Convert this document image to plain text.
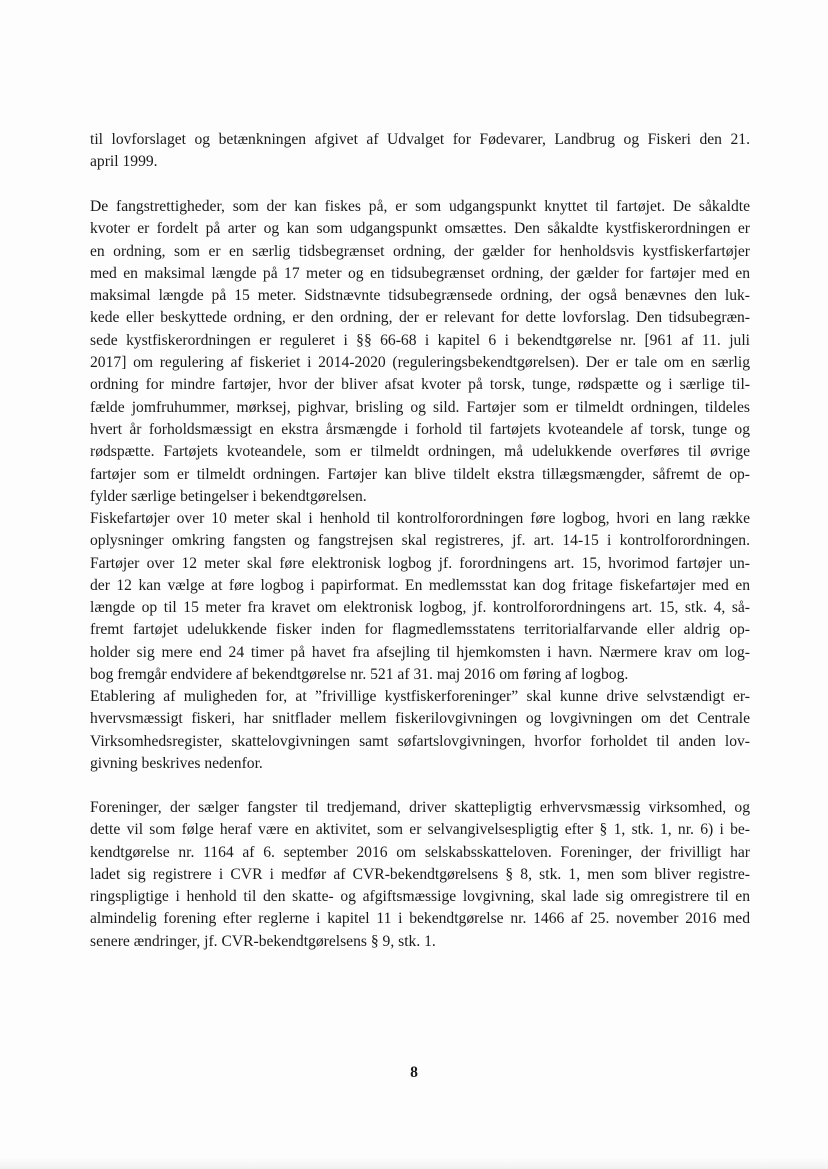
til lovforslaget og betænkningen afgivet af Udvalget for Fødevarer, Landbrug og Fiskeri den 21.
april 1999.
De fangstrettigheder, som der kan fiskes på, er som udgangspunkt knyttet til fartøjet. De såkaldte
kvoter er fordelt på arter og kan som udgangspunkt omsættes. Den såkaldte kystfiskerordningen er
en ordning, som er en særlig tidsbegrænset ordning, der gælder for henholdsvis kystfiskerfartøjer
med en maksimal længde på 17 meter og en tidsubegrænset ordning, der gælder for fartøjer med en
maksimal længde på 15 meter. Sidstnævnte tidsubegrænsede ordning, der også benævnes den luk-
kede eller beskyttede ordning, er den ordning, der er relevant for dette lovforslag. Den tidsubegræn-
sede kystfiskerordningen er reguleret i §§ 66-68 i kapitel 6 i bekendtgørelse nr. [961 af 11. juli
2017] om regulering af fiskeriet i 2014-2020 (reguleringsbekendtgørelsen). Der er tale om en særlig
ordning for mindre fartøjer, hvor der bliver afsat kvoter på torsk, tunge, rødspætte og i særlige til-
fælde jomfruhummer, mørksej, pighvar, brisling og sild. Fartøjer som er tilmeldt ordningen, tildeles
hvert år forholdsmæssigt en ekstra årsmængde i forhold til fartøjets kvoteandele af torsk, tunge og
rødspætte. Fartøjets kvoteandele, som er tilmeldt ordningen, må udelukkende overføres til øvrige
fartøjer som er tilmeldt ordningen. Fartøjer kan blive tildelt ekstra tillægsmængder, såfremt de op-
fylder særlige betingelser i bekendtgørelsen.
Fiskefartøjer over 10 meter skal i henhold til kontrolforordningen føre logbog, hvori en lang række
oplysninger omkring fangsten og fangstrejsen skal registreres, jf. art. 14-15 i kontrolforordningen.
Fartøjer over 12 meter skal føre elektronisk logbog jf. forordningens art. 15, hvorimod fartøjer un-
der 12 kan vælge at føre logbog i papirformat. En medlemsstat kan dog fritage fiskefartøjer med en
længde op til 15 meter fra kravet om elektronisk logbog, jf. kontrolforordningens art. 15, stk. 4, så-
fremt fartøjet udelukkende fisker inden for flagmedlemsstatens territorialfarvande eller aldrig op-
holder sig mere end 24 timer på havet fra afsejling til hjemkomsten i havn. Nærmere krav om log-
bog fremgår endvidere af bekendtgørelse nr. 521 af 31. maj 2016 om føring af logbog.
Etablering af muligheden for, at ”frivillige kystfiskerforeninger” skal kunne drive selvstændigt er-
hvervsmæssigt fiskeri, har snitflader mellem fiskerilovgivningen og lovgivningen om det Centrale
Virksomhedsregister, skattelovgivningen samt søfartslovgivningen, hvorfor forholdet til anden lov-
givning beskrives nedenfor.
Foreninger, der sælger fangster til tredjemand, driver skattepligtig erhvervsmæssig virksomhed, og
dette vil som følge heraf være en aktivitet, som er selvangivelsespligtig efter § 1, stk. 1, nr. 6) i be-
kendtgørelse nr. 1164 af 6. september 2016 om selskabsskatteloven. Foreninger, der frivilligt har
ladet sig registrere i CVR i medfør af CVR-bekendtgørelsens § 8, stk. 1, men som bliver registre-
ringspligtige i henhold til den skatte- og afgiftsmæssige lovgivning, skal lade sig omregistrere til en
almindelig forening efter reglerne i kapitel 11 i bekendtgørelse nr. 1466 af 25. november 2016 med
senere ændringer, jf. CVR-bekendtgørelsens § 9, stk. 1.
8
